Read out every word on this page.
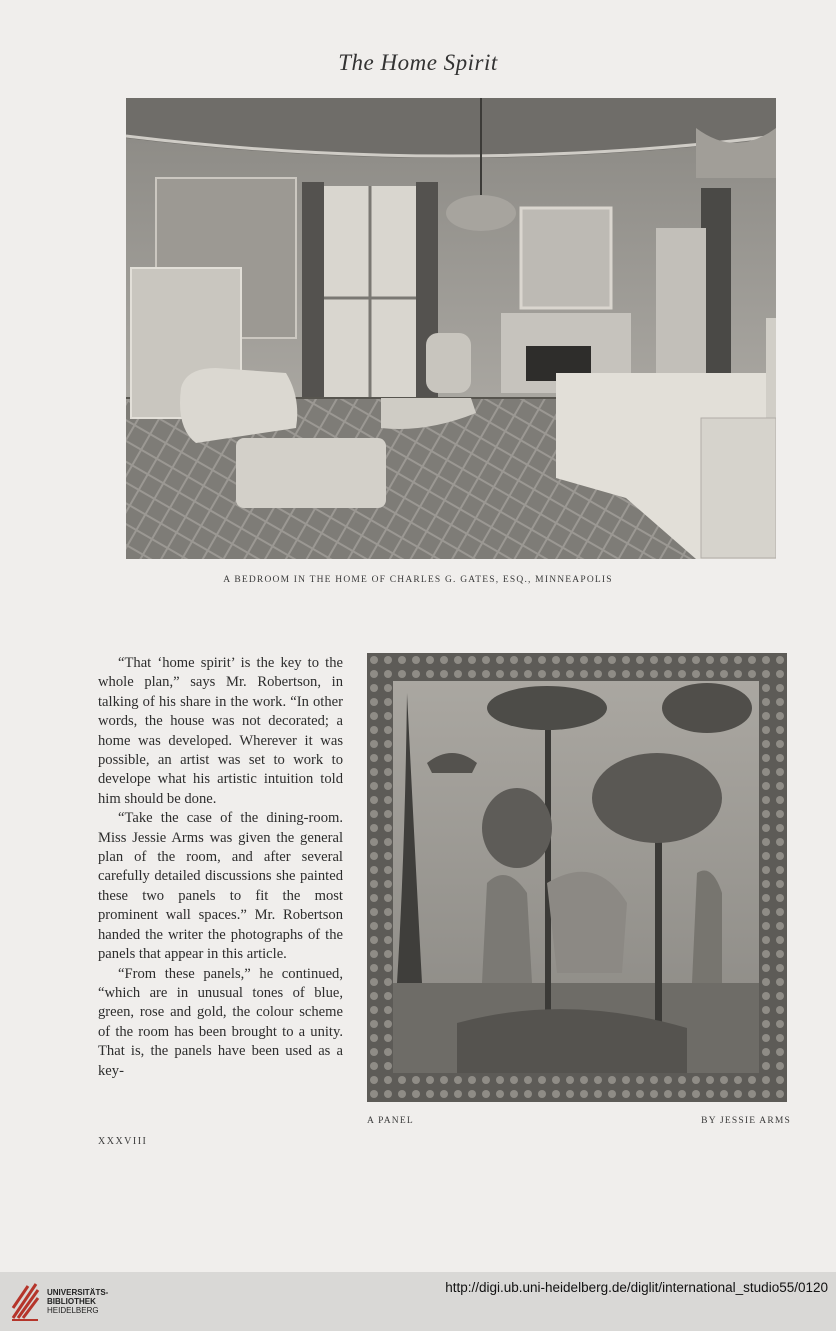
The Home Spirit
A BEDROOM IN THE HOME OF CHARLES G. GATES, ESQ., MINNEAPOLIS

“That ‘home spirit’ is the key to the whole plan,” says Mr. Robertson, in talking of his share in the work. “In other words, the house was not decorated; a home was developed. Wherever it was possible, an artist was set to work to develope what his artistic intuition told him should be done.

“Take the case of the dining-room. Miss Jessie Arms was given the general plan of the room, and after several carefully detailed discussions she painted these two panels to fit the most prominent wall spaces.” Mr. Robertson handed the writer the photographs of the panels that appear in this article.

“From these panels,” he continued, “which are in unusual tones of blue, green, rose and gold, the colour scheme of the room has been brought to a unity. That is, the panels have been used as a key-

A PANEL	BY JESSIE ARMS
XXXVIII
UNIVERSITÄTS-
BIBLIOTHEK
HEIDELBERG
http://digi.ub.uni-heidelberg.de/diglit/international_studio55/0120
